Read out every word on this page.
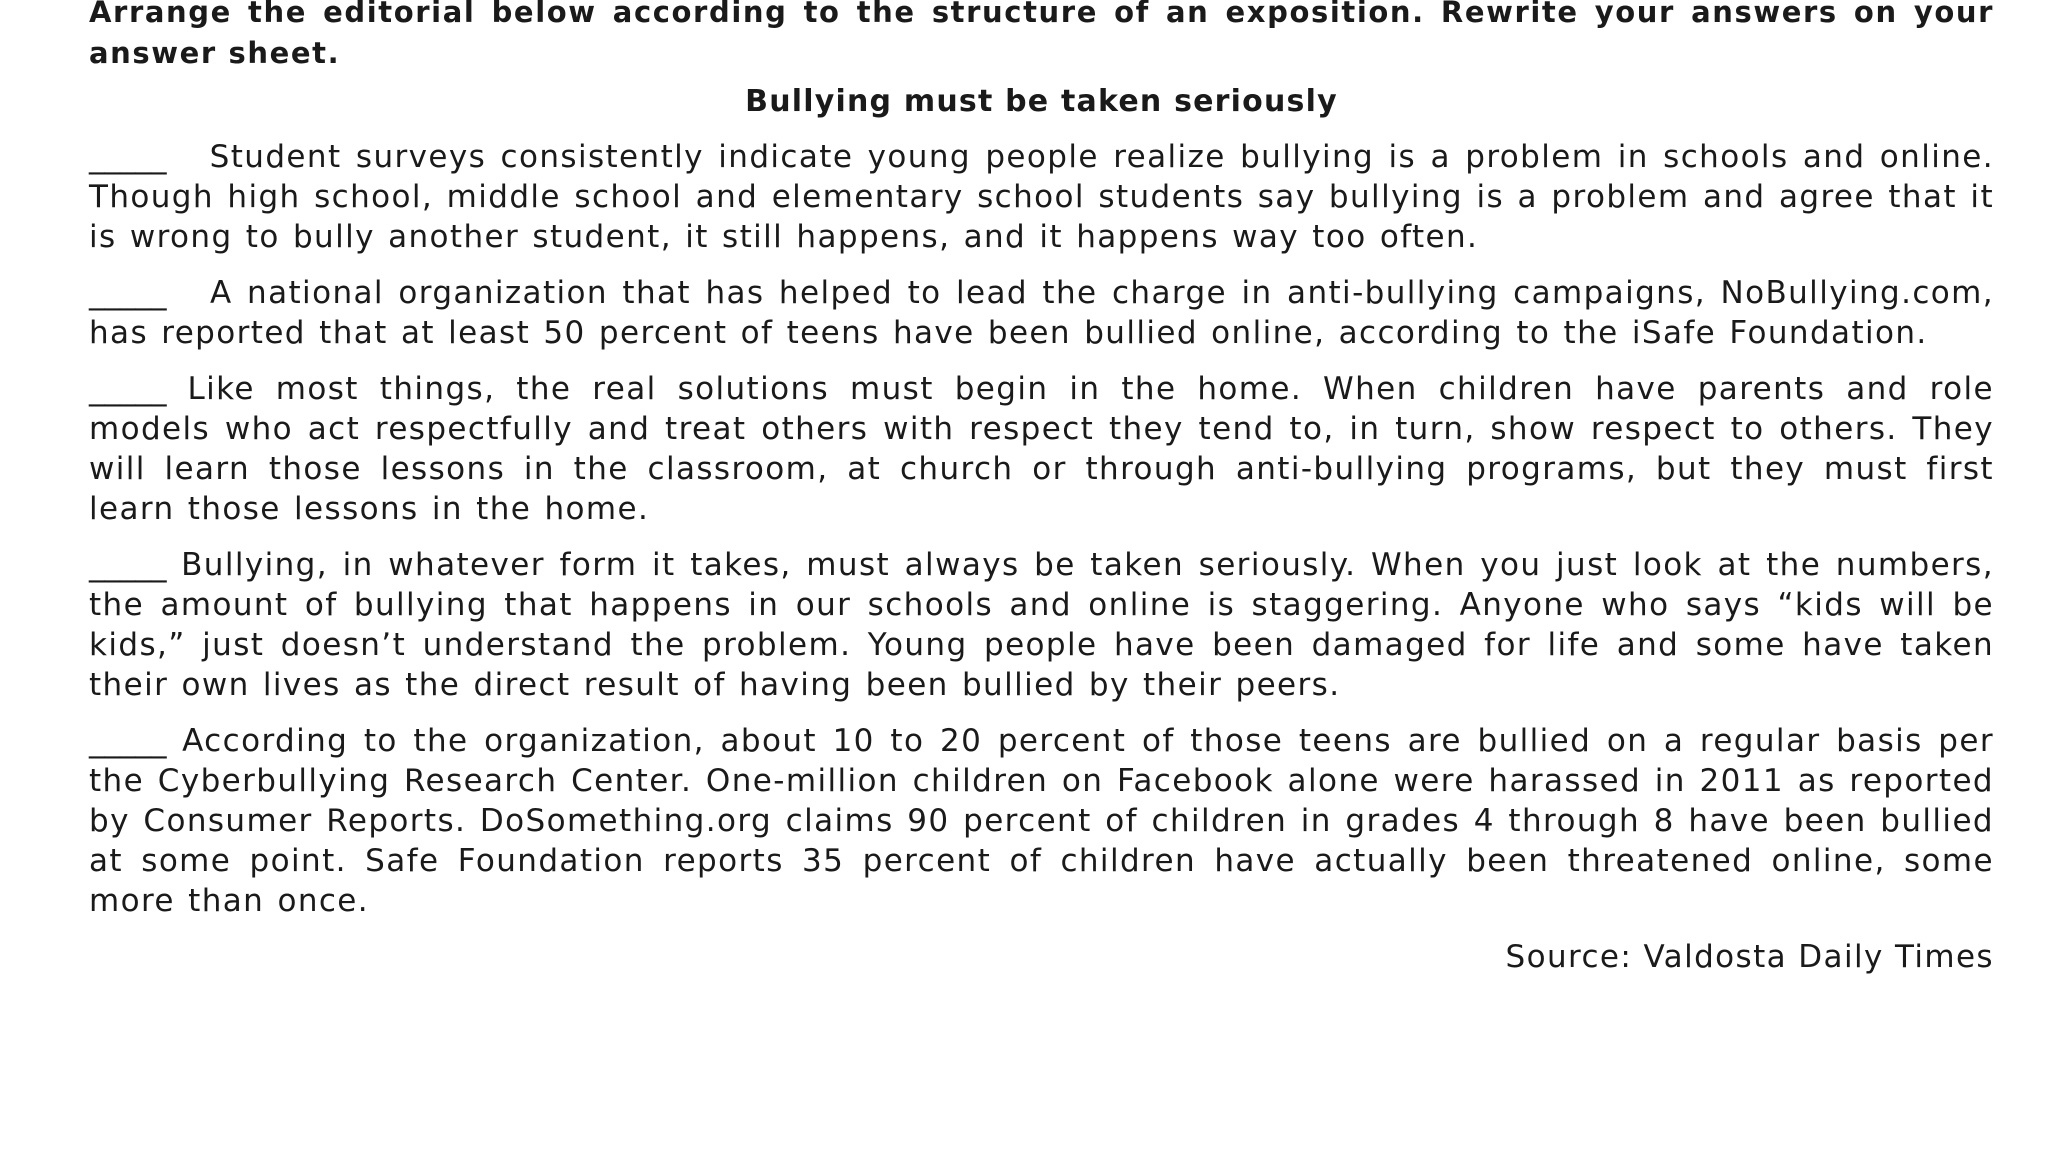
Arrange the editorial below according to the structure of an exposition. Rewrite your answers on your answer sheet.

Bullying must be taken seriously

_____ Student surveys consistently indicate young people realize bullying is a problem in schools and online. Though high school, middle school and elementary school students say bullying is a problem and agree that it is wrong to bully another student, it still happens, and it happens way too often.

_____ A national organization that has helped to lead the charge in anti-bullying campaigns, NoBullying.com, has reported that at least 50 percent of teens have been bullied online, according to the iSafe Foundation.

_____ Like most things, the real solutions must begin in the home. When children have parents and role models who act respectfully and treat others with respect they tend to, in turn, show respect to others. They will learn those lessons in the classroom, at church or through anti-bullying programs, but they must first learn those lessons in the home.

_____ Bullying, in whatever form it takes, must always be taken seriously. When you just look at the numbers, the amount of bullying that happens in our schools and online is staggering. Anyone who says “kids will be kids,” just doesn’t understand the problem. Young people have been damaged for life and some have taken their own lives as the direct result of having been bullied by their peers.

_____ According to the organization, about 10 to 20 percent of those teens are bullied on a regular basis per the Cyberbullying Research Center. One-million children on Facebook alone were harassed in 2011 as reported by Consumer Reports. DoSomething.org claims 90 percent of children in grades 4 through 8 have been bullied at some point. Safe Foundation reports 35 percent of children have actually been threatened online, some more than once.

Source: Valdosta Daily Times
